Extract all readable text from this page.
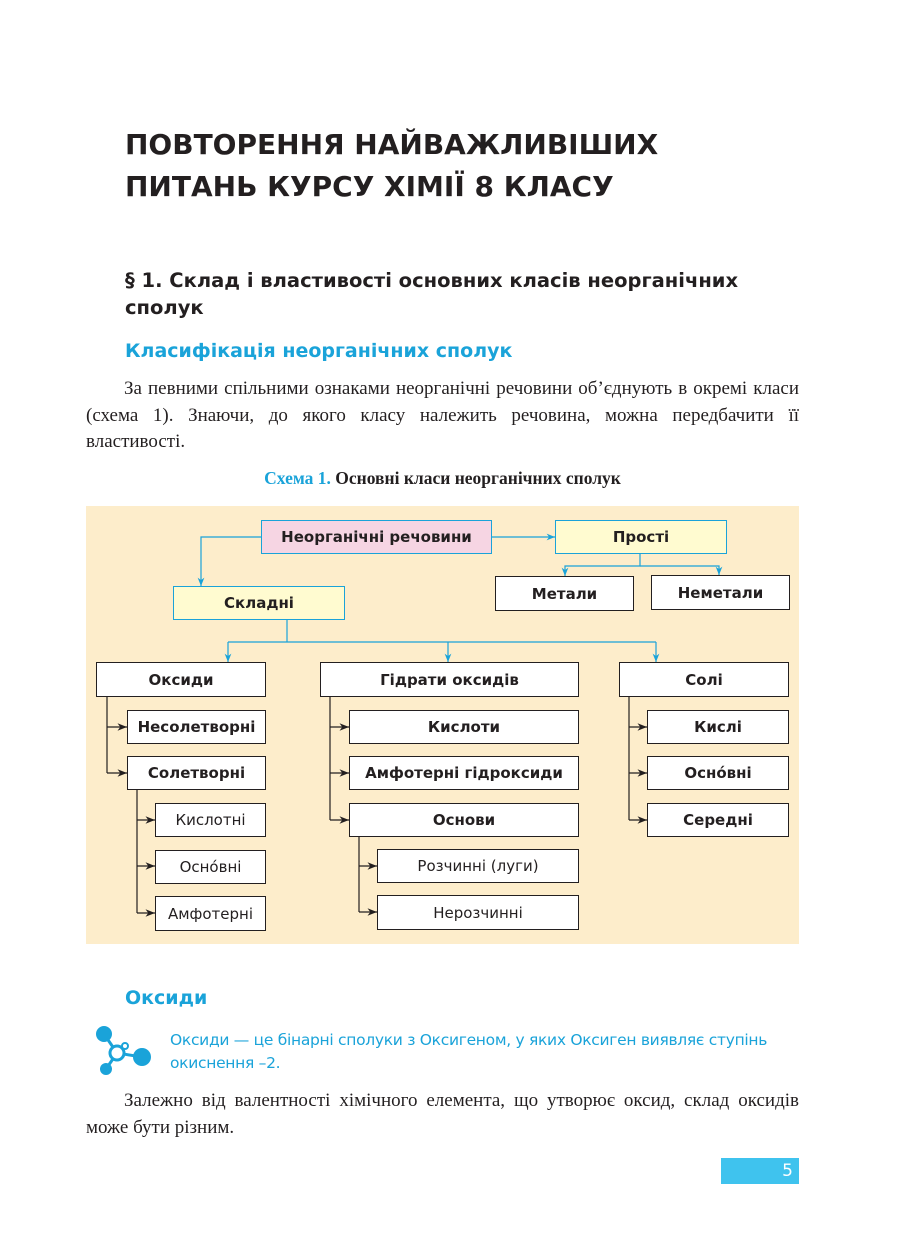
ПОВТОРЕННЯ НАЙВАЖЛИВІШИХ
ПИТАНЬ КУРСУ ХІМІЇ 8 КЛАСУ
§ 1. Склад і властивості основних класів неорганічних
сполук
Класифікація неорганічних сполук

За певними спільними ознаками неорганічні речовини об’єднують в окремі класи (схема 1). Знаючи, до якого класу належить речовина, можна передбачити її властивості.

Схема 1. Основні класи неорганічних сполук

Неорганічні речовини	Прості
Метали	Неметали
Складні
Оксиди
Несолетворні
Солетворні
Кислотні
Осно́вні
Амфотерні
Гідрати оксидів
Кислоти
Амфотерні гідроксиди
Основи
Розчинні (луги)
Нерозчинні
Солі
Кислі
Осно́вні
Середні
Оксиди

Оксиди — це бінарні сполуки з Оксигеном, у яких Оксиген виявляє ступінь окиснення –2.

Залежно від валентності хімічного елемента, що утворює оксид, склад оксидів може бути різним.

5
